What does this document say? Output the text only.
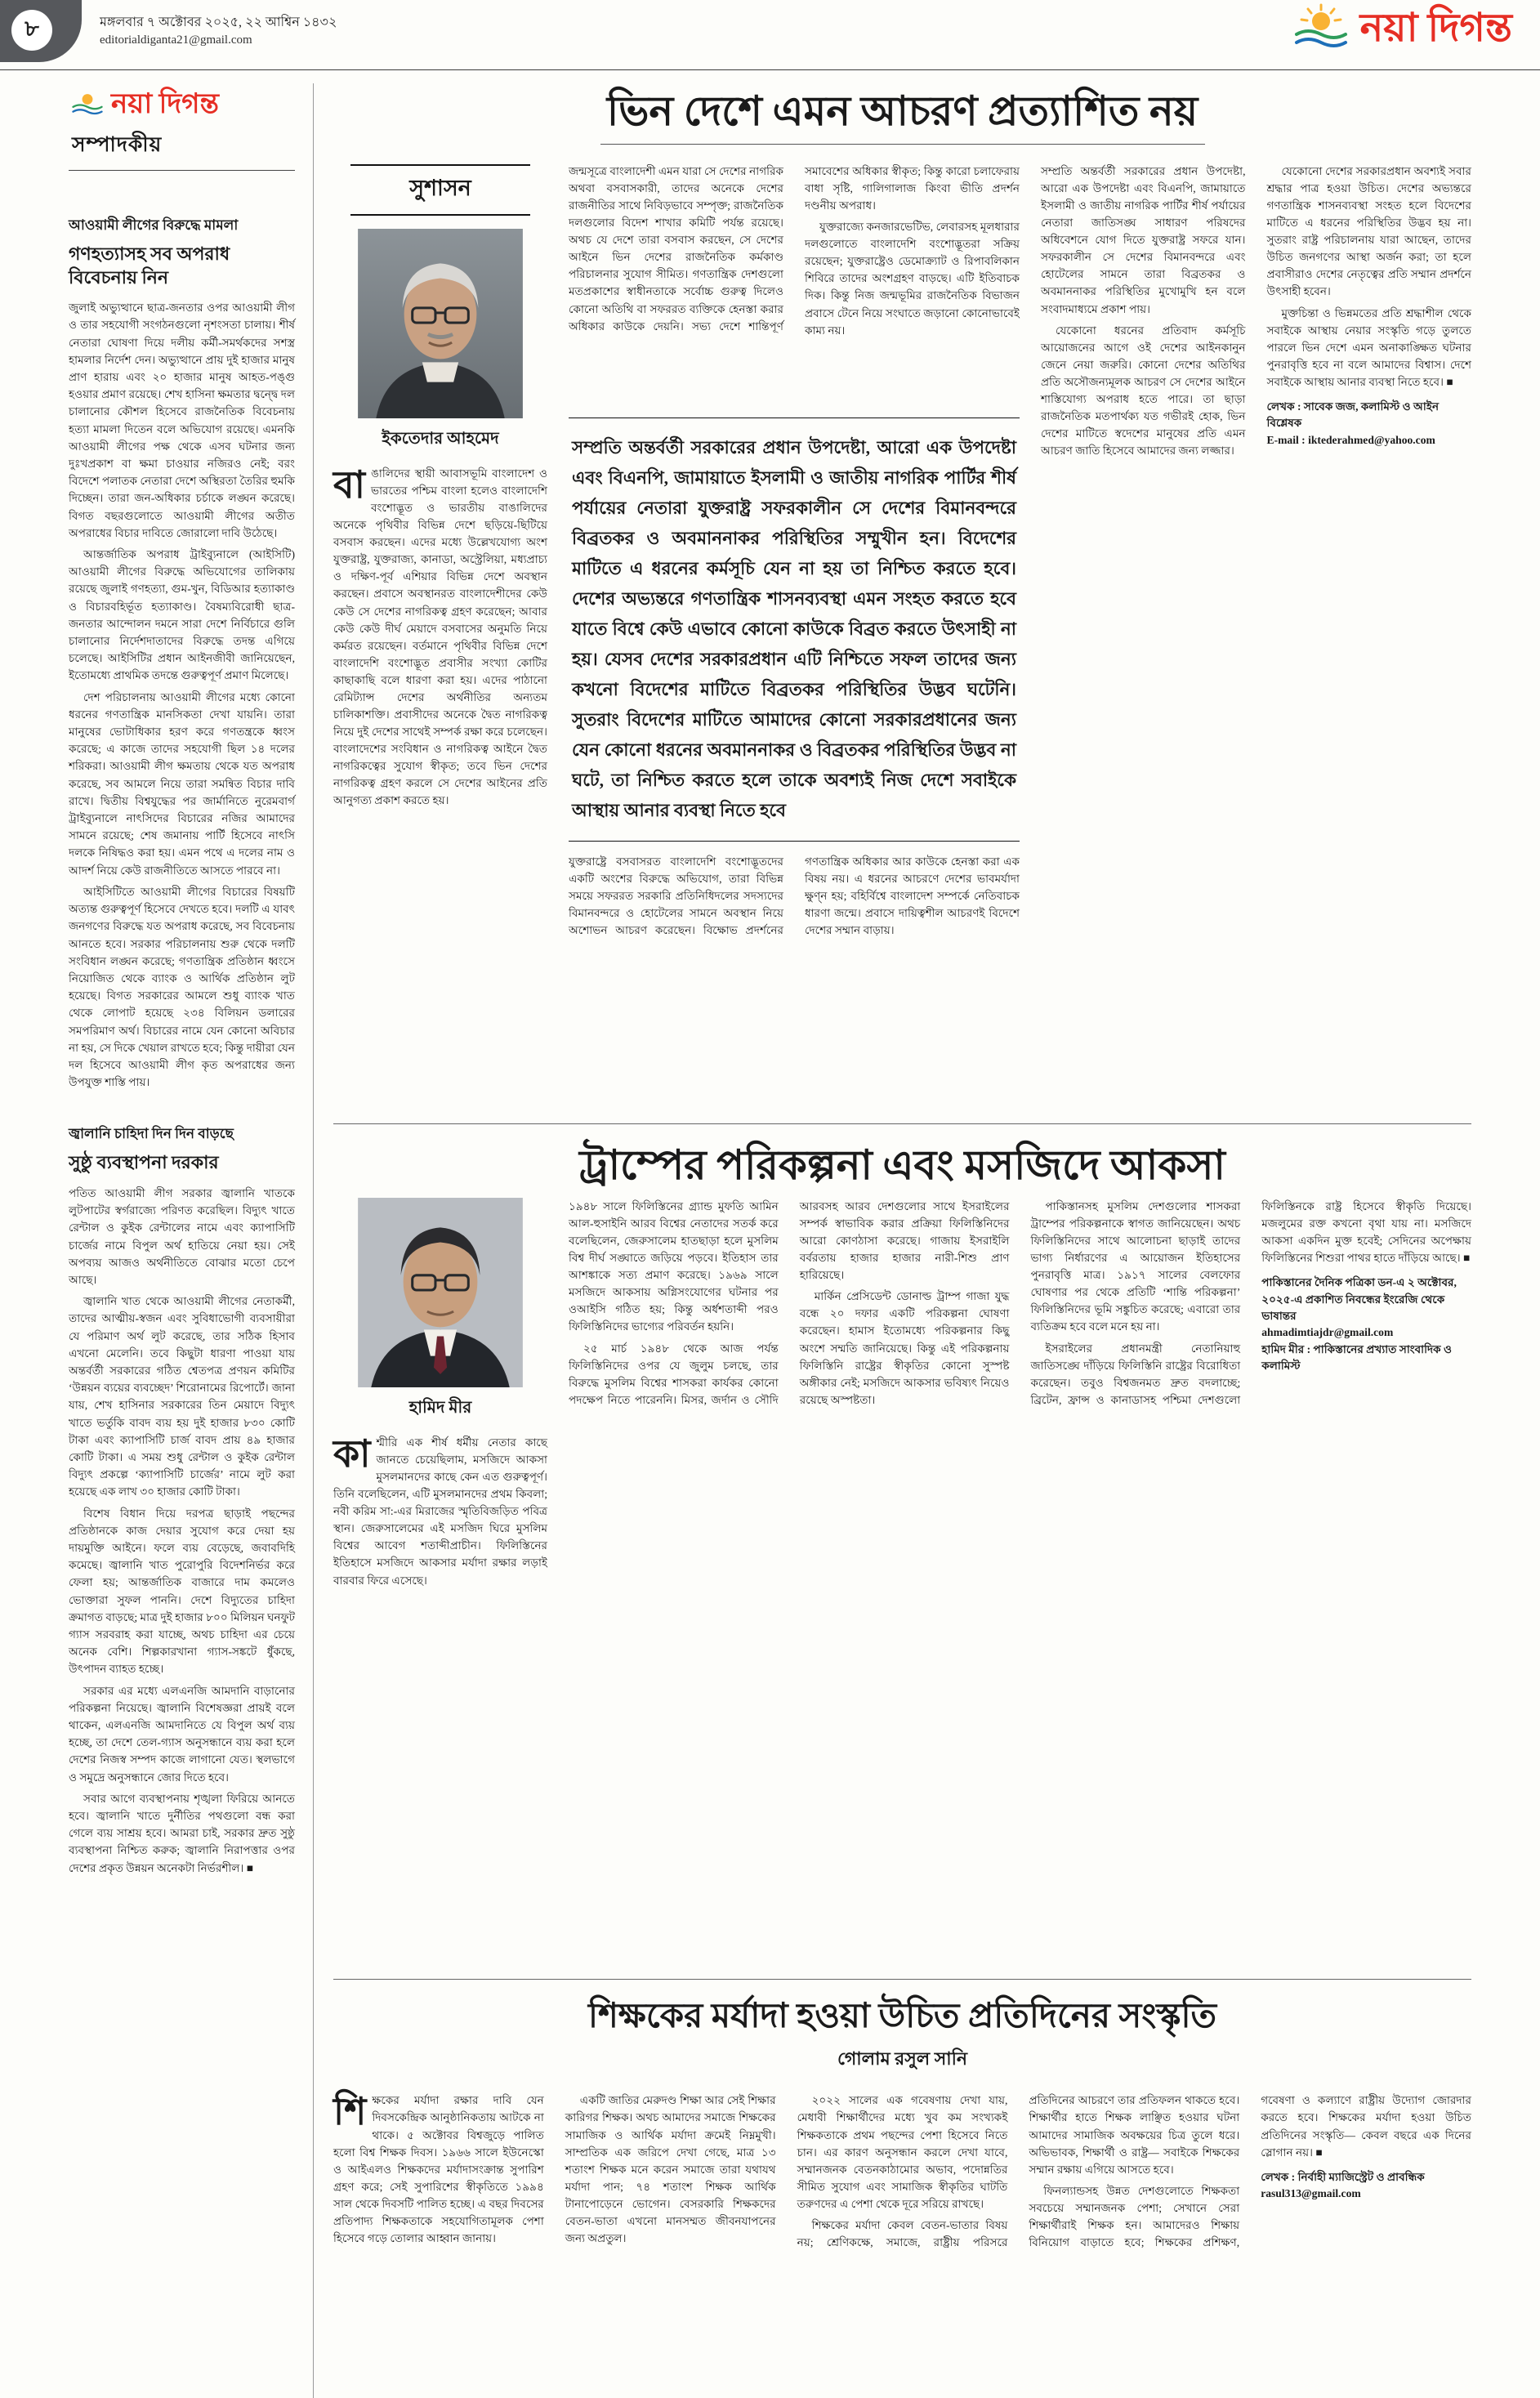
৮	মঙ্গলবার ৭ অক্টোবর ২০২৫, ২২ আশ্বিন ১৪৩২
editorialdiganta21@gmail.com	নয়া দিগন্ত
নয়া দিগন্ত
সম্পাদকীয়
আওয়ামী লীগের বিরুদ্ধে মামলা
গণহত্যাসহ সব অপরাধ বিবেচনায় নিন

জুলাই অভ্যুত্থানে ছাত্র-জনতার ওপর আওয়ামী লীগ ও তার সহযোগী সংগঠনগুলো নৃশংসতা চালায়। শীর্ষ নেতারা ঘোষণা দিয়ে দলীয় কর্মী-সমর্থকদের সশস্ত্র হামলার নির্দেশ দেন। অভ্যুত্থানে প্রায় দুই হাজার মানুষ প্রাণ হারায় এবং ২০ হাজার মানুষ আহত-পঙ্গু হওয়ার প্রমাণ রয়েছে। শেখ হাসিনা ক্ষমতার দ্বন্দ্বে দল চালানোর কৌশল হিসেবে রাজনৈতিক বিবেচনায় হত্যা মামলা দিতেন বলে অভিযোগ রয়েছে। এমনকি আওয়ামী লীগের পক্ষ থেকে এসব ঘটনার জন্য দুঃখপ্রকাশ বা ক্ষমা চাওয়ার নজিরও নেই; বরং বিদেশে পলাতক নেতারা দেশে অস্থিরতা তৈরির হুমকি দিচ্ছেন। তারা জন-অধিকার চর্চাকে লঙ্ঘন করেছে। বিগত বছরগুলোতে আওয়ামী লীগের অতীত অপরাধের বিচার দাবিতে জোরালো দাবি উঠেছে।

আন্তর্জাতিক অপরাধ ট্রাইব্যুনালে (আইসিটি) আওয়ামী লীগের বিরুদ্ধে অভিযোগের তালিকায় রয়েছে জুলাই গণহত্যা, গুম-খুন, বিডিআর হত্যাকাণ্ড ও বিচারবহির্ভূত হত্যাকাণ্ড। বৈষম্যবিরোধী ছাত্র-জনতার আন্দোলন দমনে সারা দেশে নির্বিচারে গুলি চালানোর নির্দেশদাতাদের বিরুদ্ধে তদন্ত এগিয়ে চলেছে। আইসিটির প্রধান আইনজীবী জানিয়েছেন, ইতোমধ্যে প্রাথমিক তদন্তে গুরুত্বপূর্ণ প্রমাণ মিলেছে।

দেশ পরিচালনায় আওয়ামী লীগের মধ্যে কোনো ধরনের গণতান্ত্রিক মানসিকতা দেখা যায়নি। তারা মানুষের ভোটাধিকার হরণ করে গণতন্ত্রকে ধ্বংস করেছে; এ কাজে তাদের সহযোগী ছিল ১৪ দলের শরিকরা। আওয়ামী লীগ ক্ষমতায় থেকে যত অপরাধ করেছে, সব আমলে নিয়ে তারা সমন্বিত বিচার দাবি রাখে। দ্বিতীয় বিশ্বযুদ্ধের পর জার্মানিতে নুরেমবার্গ ট্রাইব্যুনালে নাৎসিদের বিচারের নজির আমাদের সামনে রয়েছে; শেষ জমানায় পার্টি হিসেবে নাৎসি দলকে নিষিদ্ধও করা হয়। এমন পথে এ দলের নাম ও আদর্শ নিয়ে কেউ রাজনীতিতে আসতে পারবে না।

আইসিটিতে আওয়ামী লীগের বিচারের বিষয়টি অত্যন্ত গুরুত্বপূর্ণ হিসেবে দেখতে হবে। দলটি এ যাবৎ জনগণের বিরুদ্ধে যত অপরাধ করেছে, সব বিবেচনায় আনতে হবে। সরকার পরিচালনায় শুরু থেকে দলটি সংবিধান লঙ্ঘন করেছে; গণতান্ত্রিক প্রতিষ্ঠান ধ্বংসে নিয়োজিত থেকে ব্যাংক ও আর্থিক প্রতিষ্ঠান লুট হয়েছে। বিগত সরকারের আমলে শুধু ব্যাংক খাত থেকে লোপাট হয়েছে ২৩৪ বিলিয়ন ডলারের সমপরিমাণ অর্থ। বিচারের নামে যেন কোনো অবিচার না হয়, সে দিকে খেয়াল রাখতে হবে; কিন্তু দায়ীরা যেন দল হিসেবে আওয়ামী লীগ কৃত অপরাধের জন্য উপযুক্ত শাস্তি পায়।

জ্বালানি চাহিদা দিন দিন বাড়ছে
সুষ্ঠু ব্যবস্থাপনা দরকার

পতিত আওয়ামী লীগ সরকার জ্বালানি খাতকে লুটপাটের স্বর্গরাজ্যে পরিণত করেছিল। বিদ্যুৎ খাতে রেন্টাল ও কুইক রেন্টালের নামে এবং ক্যাপাসিটি চার্জের নামে বিপুল অর্থ হাতিয়ে নেয়া হয়। সেই অপব্যয় আজও অর্থনীতিতে বোঝার মতো চেপে আছে।

জ্বালানি খাত থেকে আওয়ামী লীগের নেতাকর্মী, তাদের আত্মীয়-স্বজন এবং সুবিধাভোগী ব্যবসায়ীরা যে পরিমাণ অর্থ লুট করেছে, তার সঠিক হিসাব এখনো মেলেনি। তবে কিছুটা ধারণা পাওয়া যায় অন্তর্বর্তী সরকারের গঠিত শ্বেতপত্র প্রণয়ন কমিটির ‘উন্নয়ন ব্যয়ের ব্যবচ্ছেদ’ শিরোনামের রিপোর্টে। জানা যায়, শেখ হাসিনার সরকারের তিন মেয়াদে বিদ্যুৎ খাতে ভর্তুকি বাবদ ব্যয় হয় দুই হাজার ৮৩০ কোটি টাকা এবং ক্যাপাসিটি চার্জ বাবদ প্রায় ৪৯ হাজার কোটি টাকা। এ সময় শুধু রেন্টাল ও কুইক রেন্টাল বিদ্যুৎ প্রকল্পে ‘ক্যাপাসিটি চার্জের’ নামে লুট করা হয়েছে এক লাখ ৩০ হাজার কোটি টাকা।

বিশেষ বিধান দিয়ে দরপত্র ছাড়াই পছন্দের প্রতিষ্ঠানকে কাজ দেয়ার সুযোগ করে দেয়া হয় দায়মুক্তি আইনে। ফলে ব্যয় বেড়েছে, জবাবদিহি কমেছে। জ্বালানি খাত পুরোপুরি বিদেশনির্ভর করে ফেলা হয়; আন্তর্জাতিক বাজারে দাম কমলেও ভোক্তারা সুফল পাননি। দেশে বিদ্যুতের চাহিদা ক্রমাগত বাড়ছে; মাত্র দুই হাজার ৮০০ মিলিয়ন ঘনফুট গ্যাস সরবরাহ করা যাচ্ছে, অথচ চাহিদা এর চেয়ে অনেক বেশি। শিল্পকারখানা গ্যাস-সঙ্কটে ধুঁকছে, উৎপাদন ব্যাহত হচ্ছে।

সরকার এর মধ্যে এলএনজি আমদানি বাড়ানোর পরিকল্পনা নিয়েছে। জ্বালানি বিশেষজ্ঞরা প্রায়ই বলে থাকেন, এলএনজি আমদানিতে যে বিপুল অর্থ ব্যয় হচ্ছে, তা দেশে তেল-গ্যাস অনুসন্ধানে ব্যয় করা হলে দেশের নিজস্ব সম্পদ কাজে লাগানো যেত। স্থলভাগে ও সমুদ্রে অনুসন্ধানে জোর দিতে হবে।

সবার আগে ব্যবস্থাপনায় শৃঙ্খলা ফিরিয়ে আনতে হবে। জ্বালানি খাতে দুর্নীতির পথগুলো বন্ধ করা গেলে ব্যয় সাশ্রয় হবে। আমরা চাই, সরকার দ্রুত সুষ্ঠু ব্যবস্থাপনা নিশ্চিত করুক; জ্বালানি নিরাপত্তার ওপর দেশের প্রকৃত উন্নয়ন অনেকটা নির্ভরশীল। ■

ভিন দেশে এমন আচরণ প্রত্যাশিত নয়
সুশাসন
ইকতেদার আহমেদ

বাঙালিদের স্থায়ী আবাসভূমি বাংলাদেশ ও ভারতের পশ্চিম বাংলা হলেও বাংলাদেশি বংশোদ্ভূত ও ভারতীয় বাঙালিদের অনেকে পৃথিবীর বিভিন্ন দেশে ছড়িয়ে-ছিটিয়ে বসবাস করছেন। এদের মধ্যে উল্লেখযোগ্য অংশ যুক্তরাষ্ট্র, যুক্তরাজ্য, কানাডা, অস্ট্রেলিয়া, মধ্যপ্রাচ্য ও দক্ষিণ-পূর্ব এশিয়ার বিভিন্ন দেশে অবস্থান করছেন। প্রবাসে অবস্থানরত বাংলাদেশীদের কেউ কেউ সে দেশের নাগরিকত্ব গ্রহণ করেছেন; আবার কেউ কেউ দীর্ঘ মেয়াদে বসবাসের অনুমতি নিয়ে কর্মরত রয়েছেন। বর্তমানে পৃথিবীর বিভিন্ন দেশে বাংলাদেশি বংশোদ্ভূত প্রবাসীর সংখ্যা কোটির কাছাকাছি বলে ধারণা করা হয়। এদের পাঠানো রেমিট্যান্স দেশের অর্থনীতির অন্যতম চালিকাশক্তি। প্রবাসীদের অনেকে দ্বৈত নাগরিকত্ব নিয়ে দুই দেশের সাথেই সম্পর্ক রক্ষা করে চলেছেন। বাংলাদেশের সংবিধান ও নাগরিকত্ব আইনে দ্বৈত নাগরিকত্বের সুযোগ স্বীকৃত; তবে ভিন দেশের নাগরিকত্ব গ্রহণ করলে সে দেশের আইনের প্রতি আনুগত্য প্রকাশ করতে হয়।

জন্মসূত্রে বাংলাদেশী এমন যারা সে দেশের নাগরিক অথবা বসবাসকারী, তাদের অনেকে দেশের রাজনীতির সাথে নিবিড়ভাবে সম্পৃক্ত; রাজনৈতিক দলগুলোর বিদেশ শাখার কমিটি পর্যন্ত রয়েছে। অথচ যে দেশে তারা বসবাস করছেন, সে দেশের আইনে ভিন দেশের রাজনৈতিক কর্মকাণ্ড পরিচালনার সুযোগ সীমিত। গণতান্ত্রিক দেশগুলো মতপ্রকাশের স্বাধীনতাকে সর্বোচ্চ গুরুত্ব দিলেও কোনো অতিথি বা সফররত ব্যক্তিকে হেনস্তা করার অধিকার কাউকে দেয়নি। সভ্য দেশে শান্তিপূর্ণ সমাবেশের অধিকার স্বীকৃত; কিন্তু কারো চলাফেরায় বাধা সৃষ্টি, গালিগালাজ কিংবা ভীতি প্রদর্শন দণ্ডনীয় অপরাধ।

যুক্তরাজ্যে কনজারভেটিভ, লেবারসহ মূলধারার দলগুলোতে বাংলাদেশি বংশোদ্ভূতরা সক্রিয় রয়েছেন; যুক্তরাষ্ট্রেও ডেমোক্র্যাট ও রিপাবলিকান শিবিরে তাদের অংশগ্রহণ বাড়ছে। এটি ইতিবাচক দিক। কিন্তু নিজ জন্মভূমির রাজনৈতিক বিভাজন প্রবাসে টেনে নিয়ে সংঘাতে জড়ানো কোনোভাবেই কাম্য নয়।

সম্প্রতি অন্তর্বর্তী সরকারের প্রধান উপদেষ্টা, আরো এক উপদেষ্টা এবং বিএনপি, জামায়াতে ইসলামী ও জাতীয় নাগরিক পার্টির শীর্ষ পর্যায়ের নেতারা যুক্তরাষ্ট্র সফরকালীন সে দেশের বিমানবন্দরে বিব্রতকর ও অবমাননাকর পরিস্থিতির সম্মুখীন হন। বিদেশের মাটিতে এ ধরনের কর্মসূচি যেন না হয় তা নিশ্চিত করতে হবে। দেশের অভ্যন্তরে গণতান্ত্রিক শাসনব্যবস্থা এমন সংহত করতে হবে যাতে বিশ্বে কেউ এভাবে কোনো কাউকে বিব্রত করতে উৎসাহী না হয়। যেসব দেশের সরকারপ্রধান এটি নিশ্চিতে সফল তাদের জন্য কখনো বিদেশের মাটিতে বিব্রতকর পরিস্থিতির উদ্ভব ঘটেনি। সুতরাং বিদেশের মাটিতে আমাদের কোনো সরকারপ্রধানের জন্য যেন কোনো ধরনের অবমাননাকর ও বিব্রতকর পরিস্থিতির উদ্ভব না ঘটে, তা নিশ্চিত করতে হলে তাকে অবশ্যই নিজ দেশে সবাইকে আস্থায় আনার ব্যবস্থা নিতে হবে

যুক্তরাষ্ট্রে বসবাসরত বাংলাদেশি বংশোদ্ভূতদের একটি অংশের বিরুদ্ধে অভিযোগ, তারা বিভিন্ন সময়ে সফররত সরকারি প্রতিনিধিদলের সদস্যদের বিমানবন্দরে ও হোটেলের সামনে অবস্থান নিয়ে অশোভন আচরণ করেছেন। বিক্ষোভ প্রদর্শনের গণতান্ত্রিক অধিকার আর কাউকে হেনস্তা করা এক বিষয় নয়। এ ধরনের আচরণে দেশের ভাবমর্যাদা ক্ষুণ্ন হয়; বহির্বিশ্বে বাংলাদেশ সম্পর্কে নেতিবাচক ধারণা জন্মে। প্রবাসে দায়িত্বশীল আচরণই বিদেশে দেশের সম্মান বাড়ায়।

সম্প্রতি অন্তর্বর্তী সরকারের প্রধান উপদেষ্টা, আরো এক উপদেষ্টা এবং বিএনপি, জামায়াতে ইসলামী ও জাতীয় নাগরিক পার্টির শীর্ষ পর্যায়ের নেতারা জাতিসঙ্ঘ সাধারণ পরিষদের অধিবেশনে যোগ দিতে যুক্তরাষ্ট্র সফরে যান। সফরকালীন সে দেশের বিমানবন্দরে এবং হোটেলের সামনে তারা বিব্রতকর ও অবমাননাকর পরিস্থিতির মুখোমুখি হন বলে সংবাদমাধ্যমে প্রকাশ পায়।

যেকোনো ধরনের প্রতিবাদ কর্মসূচি আয়োজনের আগে ওই দেশের আইনকানুন জেনে নেয়া জরুরি। কোনো দেশের অতিথির প্রতি অসৌজন্যমূলক আচরণ সে দেশের আইনে শাস্তিযোগ্য অপরাধ হতে পারে। তা ছাড়া রাজনৈতিক মতপার্থক্য যত গভীরই হোক, ভিন দেশের মাটিতে স্বদেশের মানুষের প্রতি এমন আচরণ জাতি হিসেবে আমাদের জন্য লজ্জার।

যেকোনো দেশের সরকারপ্রধান অবশ্যই সবার শ্রদ্ধার পাত্র হওয়া উচিত। দেশের অভ্যন্তরে গণতান্ত্রিক শাসনব্যবস্থা সংহত হলে বিদেশের মাটিতে এ ধরনের পরিস্থিতির উদ্ভব হয় না। সুতরাং রাষ্ট্র পরিচালনায় যারা আছেন, তাদের উচিত জনগণের আস্থা অর্জন করা; তা হলে প্রবাসীরাও দেশের নেতৃত্বের প্রতি সম্মান প্রদর্শনে উৎসাহী হবেন।

মুক্তচিন্তা ও ভিন্নমতের প্রতি শ্রদ্ধাশীল থেকে সবাইকে আস্থায় নেয়ার সংস্কৃতি গড়ে তুলতে পারলে ভিন দেশে এমন অনাকাঙ্ক্ষিত ঘটনার পুনরাবৃত্তি হবে না বলে আমাদের বিশ্বাস। দেশে সবাইকে আস্থায় আনার ব্যবস্থা নিতে হবে। ■

লেখক : সাবেক জজ, কলামিস্ট ও আইন বিশ্লেষক
E-mail : iktederahmed@yahoo.com
ট্রাম্পের পরিকল্পনা এবং মসজিদে আকসা
হামিদ মীর

কাশ্মীরি এক শীর্ষ ধর্মীয় নেতার কাছে জানতে চেয়েছিলাম, মসজিদে আকসা মুসলমানদের কাছে কেন এত গুরুত্বপূর্ণ। তিনি বলেছিলেন, এটি মুসলমানদের প্রথম কিবলা; নবী করিম সা:-এর মিরাজের স্মৃতিবিজড়িত পবিত্র স্থান। জেরুসালেমের এই মসজিদ ঘিরে মুসলিম বিশ্বের আবেগ শতাব্দীপ্রাচীন। ফিলিস্তিনের ইতিহাসে মসজিদে আকসার মর্যাদা রক্ষার লড়াই বারবার ফিরে এসেছে।

১৯৪৮ সালে ফিলিস্তিনের গ্র্যান্ড মুফতি আমিন আল-হুসাইনি আরব বিশ্বের নেতাদের সতর্ক করে বলেছিলেন, জেরুসালেম হাতছাড়া হলে মুসলিম বিশ্ব দীর্ঘ সঙ্ঘাতে জড়িয়ে পড়বে। ইতিহাস তার আশঙ্কাকে সত্য প্রমাণ করেছে। ১৯৬৯ সালে মসজিদে আকসায় অগ্নিসংযোগের ঘটনার পর ওআইসি গঠিত হয়; কিন্তু অর্ধশতাব্দী পরও ফিলিস্তিনিদের ভাগ্যের পরিবর্তন হয়নি।

২৫ মার্চ ১৯৪৮ থেকে আজ পর্যন্ত ফিলিস্তিনিদের ওপর যে জুলুম চলছে, তার বিরুদ্ধে মুসলিম বিশ্বের শাসকরা কার্যকর কোনো পদক্ষেপ নিতে পারেননি। মিসর, জর্দান ও সৌদি আরবসহ আরব দেশগুলোর সাথে ইসরাইলের সম্পর্ক স্বাভাবিক করার প্রক্রিয়া ফিলিস্তিনিদের আরো কোণঠাসা করেছে। গাজায় ইসরাইলি বর্বরতায় হাজার হাজার নারী-শিশু প্রাণ হারিয়েছে।

মার্কিন প্রেসিডেন্ট ডোনাল্ড ট্রাম্প গাজা যুদ্ধ বন্ধে ২০ দফার একটি পরিকল্পনা ঘোষণা করেছেন। হামাস ইতোমধ্যে পরিকল্পনার কিছু অংশে সম্মতি জানিয়েছে। কিন্তু এই পরিকল্পনায় ফিলিস্তিনি রাষ্ট্রের স্বীকৃতির কোনো সুস্পষ্ট অঙ্গীকার নেই; মসজিদে আকসার ভবিষ্যৎ নিয়েও রয়েছে অস্পষ্টতা।

পাকিস্তানসহ মুসলিম দেশগুলোর শাসকরা ট্রাম্পের পরিকল্পনাকে স্বাগত জানিয়েছেন। অথচ ফিলিস্তিনিদের সাথে আলোচনা ছাড়াই তাদের ভাগ্য নির্ধারণের এ আয়োজন ইতিহাসের পুনরাবৃত্তি মাত্র। ১৯১৭ সালের বেলফোর ঘোষণার পর থেকে প্রতিটি ‘শান্তি পরিকল্পনা’ ফিলিস্তিনিদের ভূমি সঙ্কুচিত করেছে; এবারো তার ব্যতিক্রম হবে বলে মনে হয় না।

ইসরাইলের প্রধানমন্ত্রী নেতানিয়াহু জাতিসঙ্ঘে দাঁড়িয়ে ফিলিস্তিনি রাষ্ট্রের বিরোধিতা করেছেন। তবুও বিশ্বজনমত দ্রুত বদলাচ্ছে; ব্রিটেন, ফ্রান্স ও কানাডাসহ পশ্চিমা দেশগুলো ফিলিস্তিনকে রাষ্ট্র হিসেবে স্বীকৃতি দিয়েছে। মজলুমের রক্ত কখনো বৃথা যায় না। মসজিদে আকসা একদিন মুক্ত হবেই; সেদিনের অপেক্ষায় ফিলিস্তিনের শিশুরা পাথর হাতে দাঁড়িয়ে আছে। ■

পাকিস্তানের দৈনিক পত্রিকা ডন-এ ২ অক্টোবর, ২০২৫-এ প্রকাশিত নিবন্ধের ইংরেজি থেকে ভাষান্তর
ahmadimtiajdr@gmail.com
হামিদ মীর : পাকিস্তানের প্রখ্যাত সাংবাদিক ও কলামিস্ট
শিক্ষকের মর্যাদা হওয়া উচিত প্রতিদিনের সংস্কৃতি
গোলাম রসুল সানি

শিক্ষকের মর্যাদা রক্ষার দাবি যেন দিবসকেন্দ্রিক আনুষ্ঠানিকতায় আটকে না থাকে। ৫ অক্টোবর বিশ্বজুড়ে পালিত হলো বিশ্ব শিক্ষক দিবস। ১৯৬৬ সালে ইউনেস্কো ও আইএলও শিক্ষকদের মর্যাদাসংক্রান্ত সুপারিশ গ্রহণ করে; সেই সুপারিশের স্বীকৃতিতে ১৯৯৪ সাল থেকে দিবসটি পালিত হচ্ছে। এ বছর দিবসের প্রতিপাদ্য শিক্ষকতাকে সহযোগিতামূলক পেশা হিসেবে গড়ে তোলার আহ্বান জানায়।

একটি জাতির মেরুদণ্ড শিক্ষা আর সেই শিক্ষার কারিগর শিক্ষক। অথচ আমাদের সমাজে শিক্ষকের সামাজিক ও আর্থিক মর্যাদা ক্রমেই নিম্নমুখী। সাম্প্রতিক এক জরিপে দেখা গেছে, মাত্র ১৩ শতাংশ শিক্ষক মনে করেন সমাজে তারা যথাযথ মর্যাদা পান; ৭৪ শতাংশ শিক্ষক আর্থিক টানাপোড়েনে ভোগেন। বেসরকারি শিক্ষকদের বেতন-ভাতা এখনো মানসম্মত জীবনযাপনের জন্য অপ্রতুল।

২০২২ সালের এক গবেষণায় দেখা যায়, মেধাবী শিক্ষার্থীদের মধ্যে খুব কম সংখ্যকই শিক্ষকতাকে প্রথম পছন্দের পেশা হিসেবে নিতে চান। এর কারণ অনুসন্ধান করলে দেখা যাবে, সম্মানজনক বেতনকাঠামোর অভাব, পদোন্নতির সীমিত সুযোগ এবং সামাজিক স্বীকৃতির ঘাটতি তরুণদের এ পেশা থেকে দূরে সরিয়ে রাখছে।

শিক্ষকের মর্যাদা কেবল বেতন-ভাতার বিষয় নয়; শ্রেণিকক্ষে, সমাজে, রাষ্ট্রীয় পরিসরে প্রতিদিনের আচরণে তার প্রতিফলন থাকতে হবে। শিক্ষার্থীর হাতে শিক্ষক লাঞ্ছিত হওয়ার ঘটনা আমাদের সামাজিক অবক্ষয়ের চিত্র তুলে ধরে। অভিভাবক, শিক্ষার্থী ও রাষ্ট্র— সবাইকে শিক্ষকের সম্মান রক্ষায় এগিয়ে আসতে হবে।

ফিনল্যান্ডসহ উন্নত দেশগুলোতে শিক্ষকতা সবচেয়ে সম্মানজনক পেশা; সেখানে সেরা শিক্ষার্থীরাই শিক্ষক হন। আমাদেরও শিক্ষায় বিনিয়োগ বাড়াতে হবে; শিক্ষকের প্রশিক্ষণ, গবেষণা ও কল্যাণে রাষ্ট্রীয় উদ্যোগ জোরদার করতে হবে। শিক্ষকের মর্যাদা হওয়া উচিত প্রতিদিনের সংস্কৃতি— কেবল বছরে এক দিনের স্লোগান নয়। ■

লেখক : নির্বাহী ম্যাজিস্ট্রেট ও প্রাবন্ধিক
rasul313@gmail.com
